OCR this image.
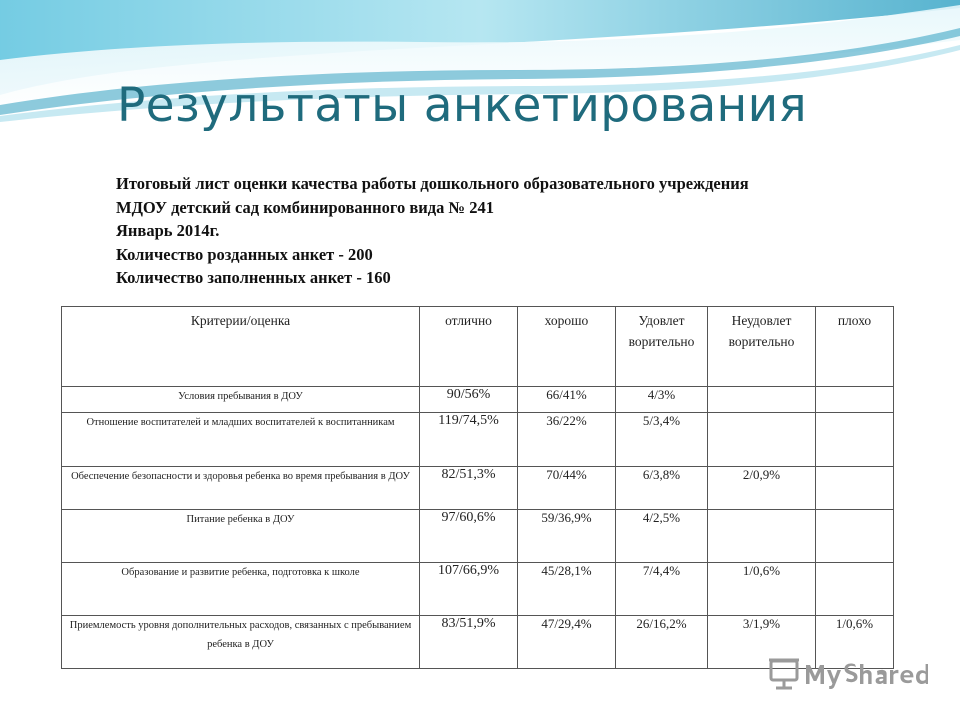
Результаты анкетирования
Итоговый лист оценки качества работы дошкольного образовательного учреждения
МДОУ детский сад комбинированного вида № 241
Январь 2014г.
Количество розданных анкет - 200
Количество заполненных анкет - 160
Критерии/оценка	отлично	хорошо	Удовлет ворительно	Неудовлет ворительно	плохо
Условия пребывания в ДОУ	90/56%	66/41%	4/3%		
Отношение воспитателей и младших воспитателей к воспитанникам	119/74,5%	36/22%	5/3,4%		
Обеспечение безопасности и здоровья ребенка во время пребывания в ДОУ	82/51,3%	70/44%	6/3,8%	2/0,9%	
Питание ребенка в ДОУ	97/60,6%	59/36,9%	4/2,5%		
Образование и развитие ребенка, подготовка к школе	107/66,9%	45/28,1%	7/4,4%	1/0,6%	
Приемлемость уровня дополнительных расходов, связанных с пребыванием ребенка в ДОУ	83/51,9%	47/29,4%	26/16,2%	3/1,9%	1/0,6%
